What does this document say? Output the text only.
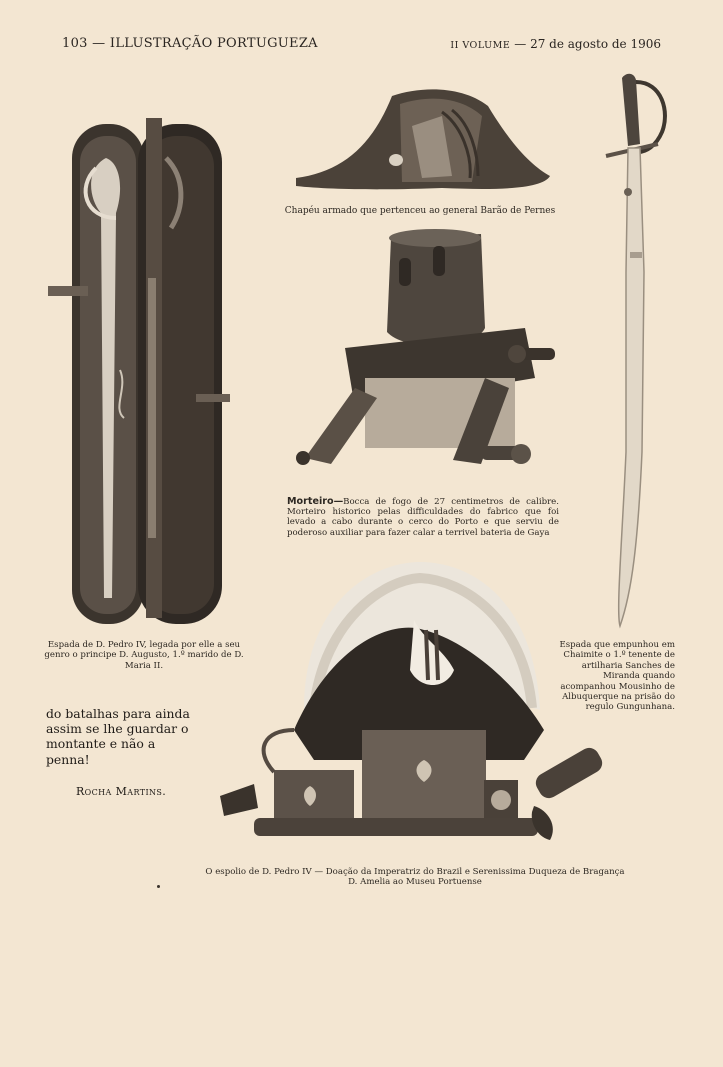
103 — ILLUSTRAÇÃO PORTUGUEZA	II VOLUME — 27 de agosto de 1906
Chapéu armado que pertenceu ao general Barão de Pernes
Morteiro—Bocca de fogo de 27 centimetros de calibre. Morteiro historico pelas difficuldades do fabrico que foi levado a cabo durante o cerco do Porto e que serviu de poderoso auxiliar para fazer calar a terrivel bateria de Gaya
Espada de D. Pedro IV, legada por elle a seu genro o principe D. Augusto, 1.º marido de D. Maria II.
Espada que empunhou em Chaimite o 1.º tenente de artilharia Sanches de Miranda quando acompanhou Mousinho de Albuquerque na prisão do regulo Gungunhana.
O espolio de D. Pedro IV — Doação da Imperatriz do Brazil e Serenissima Duqueza de Bragança D. Amelia ao Museu Portuense
do batalhas para ainda assim se lhe guardar o montante e não a penna!
Rocha Martins.
